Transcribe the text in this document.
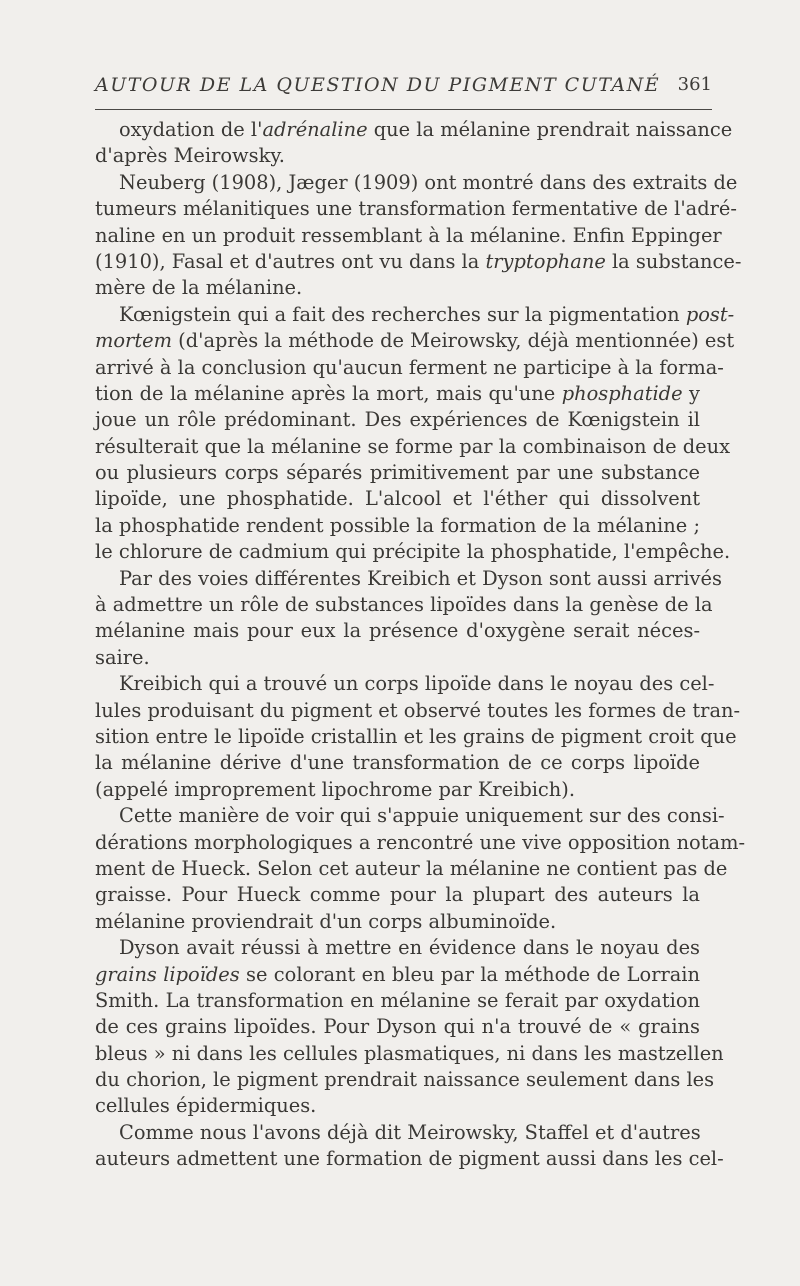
AUTOUR DE LA QUESTION DU PIGMENT CUTANÉ 361
oxydation de l'adrénaline que la mélanine prendrait naissance
d'après Meirowsky.
Neuberg (1908), Jæger (1909) ont montré dans des extraits de
tumeurs mélanitiques une transformation fermentative de l'adré-
naline en un produit ressemblant à la mélanine. Enfin Eppinger
(1910), Fasal et d'autres ont vu dans la tryptophane la substance-
mère de la mélanine.
Kœnigstein qui a fait des recherches sur la pigmentation post-
mortem (d'après la méthode de Meirowsky, déjà mentionnée) est
arrivé à la conclusion qu'aucun ferment ne participe à la forma-
tion de la mélanine après la mort, mais qu'une phosphatide y
joue un rôle prédominant. Des expériences de Kœnigstein il
résulterait que la mélanine se forme par la combinaison de deux
ou plusieurs corps séparés primitivement par une substance
lipoïde, une phosphatide. L'alcool et l'éther qui dissolvent
la phosphatide rendent possible la formation de la mélanine ;
le chlorure de cadmium qui précipite la phosphatide, l'empêche.
Par des voies différentes Kreibich et Dyson sont aussi arrivés
à admettre un rôle de substances lipoïdes dans la genèse de la
mélanine mais pour eux la présence d'oxygène serait néces-
saire.
Kreibich qui a trouvé un corps lipoïde dans le noyau des cel-
lules produisant du pigment et observé toutes les formes de tran-
sition entre le lipoïde cristallin et les grains de pigment croit que
la mélanine dérive d'une transformation de ce corps lipoïde
(appelé improprement lipochrome par Kreibich).
Cette manière de voir qui s'appuie uniquement sur des consi-
dérations morphologiques a rencontré une vive opposition notam-
ment de Hueck. Selon cet auteur la mélanine ne contient pas de
graisse. Pour Hueck comme pour la plupart des auteurs la
mélanine proviendrait d'un corps albuminoïde.
Dyson avait réussi à mettre en évidence dans le noyau des
grains lipoïdes se colorant en bleu par la méthode de Lorrain
Smith. La transformation en mélanine se ferait par oxydation
de ces grains lipoïdes. Pour Dyson qui n'a trouvé de « grains
bleus » ni dans les cellules plasmatiques, ni dans les mastzellen
du chorion, le pigment prendrait naissance seulement dans les
cellules épidermiques.
Comme nous l'avons déjà dit Meirowsky, Staffel et d'autres
auteurs admettent une formation de pigment aussi dans les cel-
